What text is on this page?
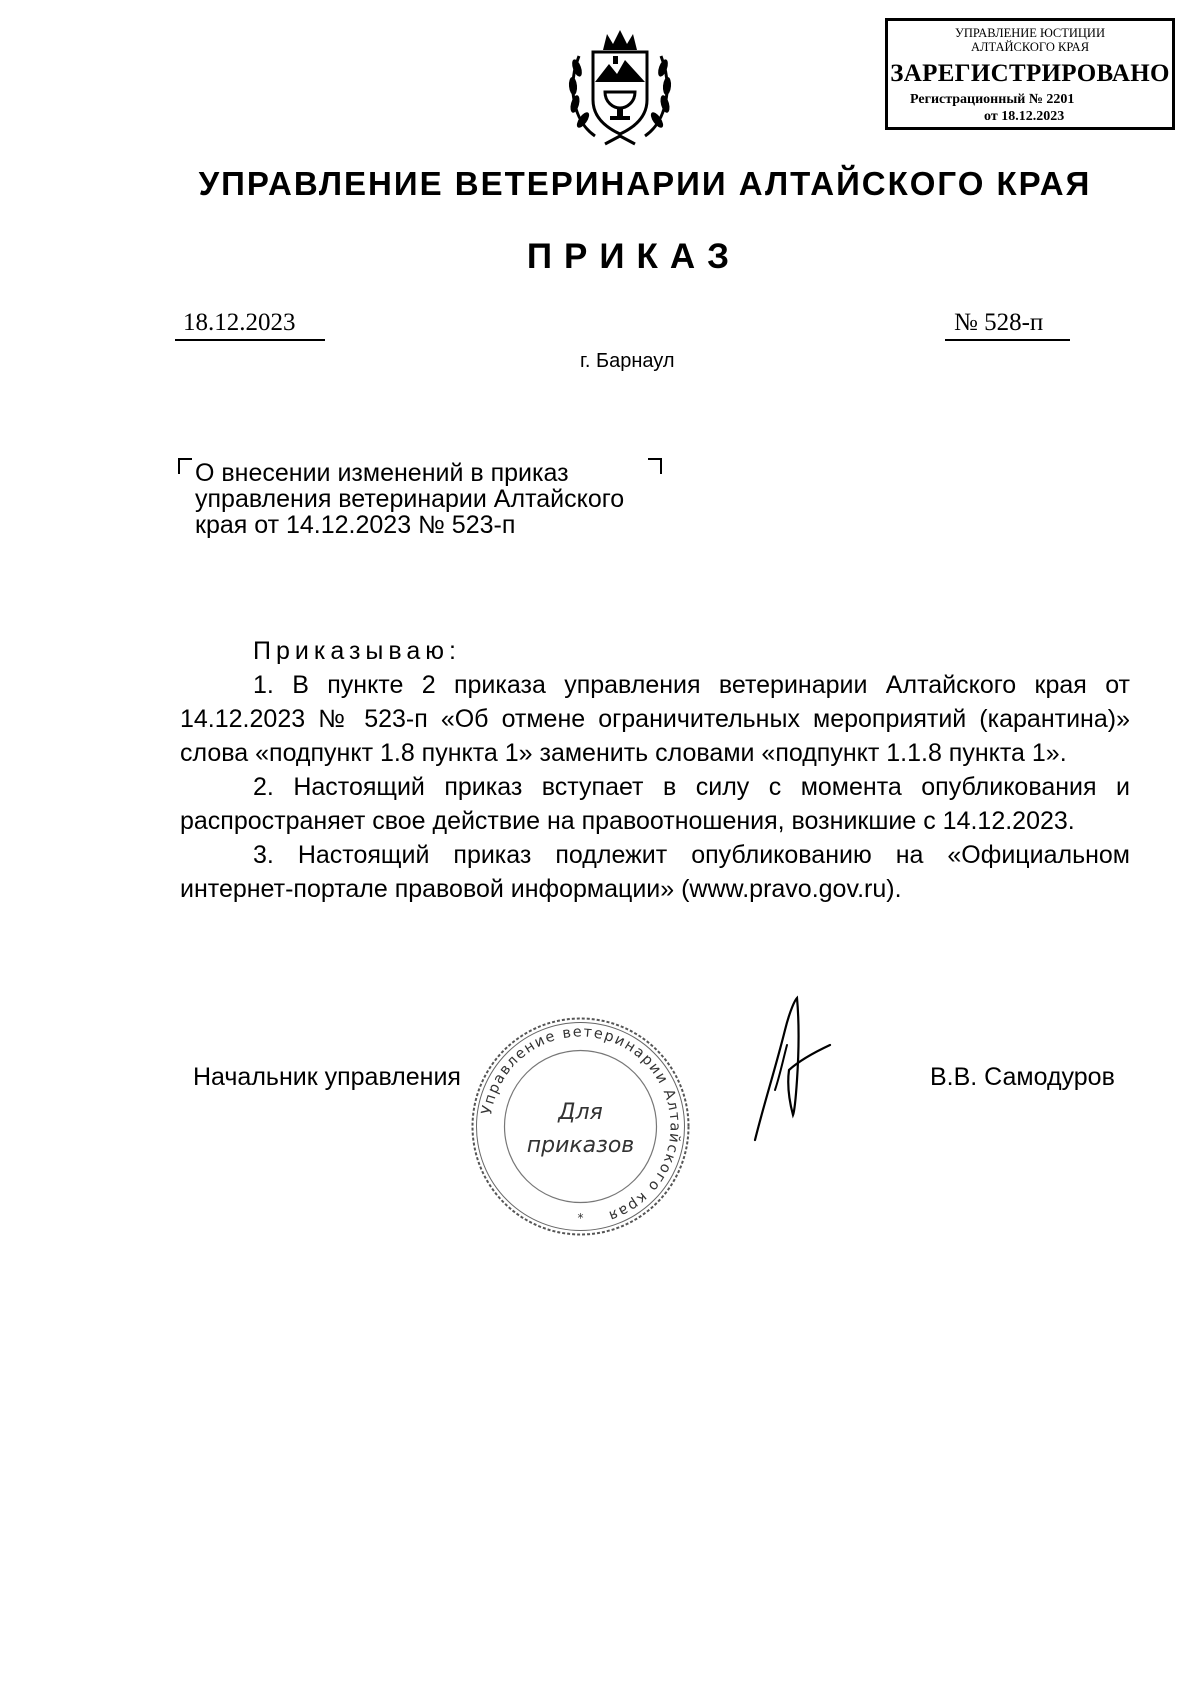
УПРАВЛЕНИЕ ЮСТИЦИИ
АЛТАЙСКОГО КРАЯ
ЗАРЕГИСТРИРОВАНО
Регистрационный № 2201
от 18.12.2023
УПРАВЛЕНИЕ ВЕТЕРИНАРИИ АЛТАЙСКОГО КРАЯ
ПРИКАЗ
18.12.2023	№ 528-п
г. Барнаул
О внесении изменений в приказ
управления ветеринарии Алтайского
края от 14.12.2023 № 523-п

Приказываю:

1. В пункте 2 приказа управления ветеринарии Алтайского края от 14.12.2023 № 523-п «Об отмене ограничительных мероприятий (карантина)» слова «подпункт 1.8 пункта 1» заменить словами «подпункт 1.1.8 пункта 1».

2. Настоящий приказ вступает в силу с момента опубликования и распространяет свое действие на правоотношения, возникшие с 14.12.2023.

3. Настоящий приказ подлежит опубликованию на «Официальном интернет-портале правовой информации» (www.pravo.gov.ru).

Начальник управления
Управление ветеринарии Алтайского края
Для
приказов
*
В.В. Самодуров
